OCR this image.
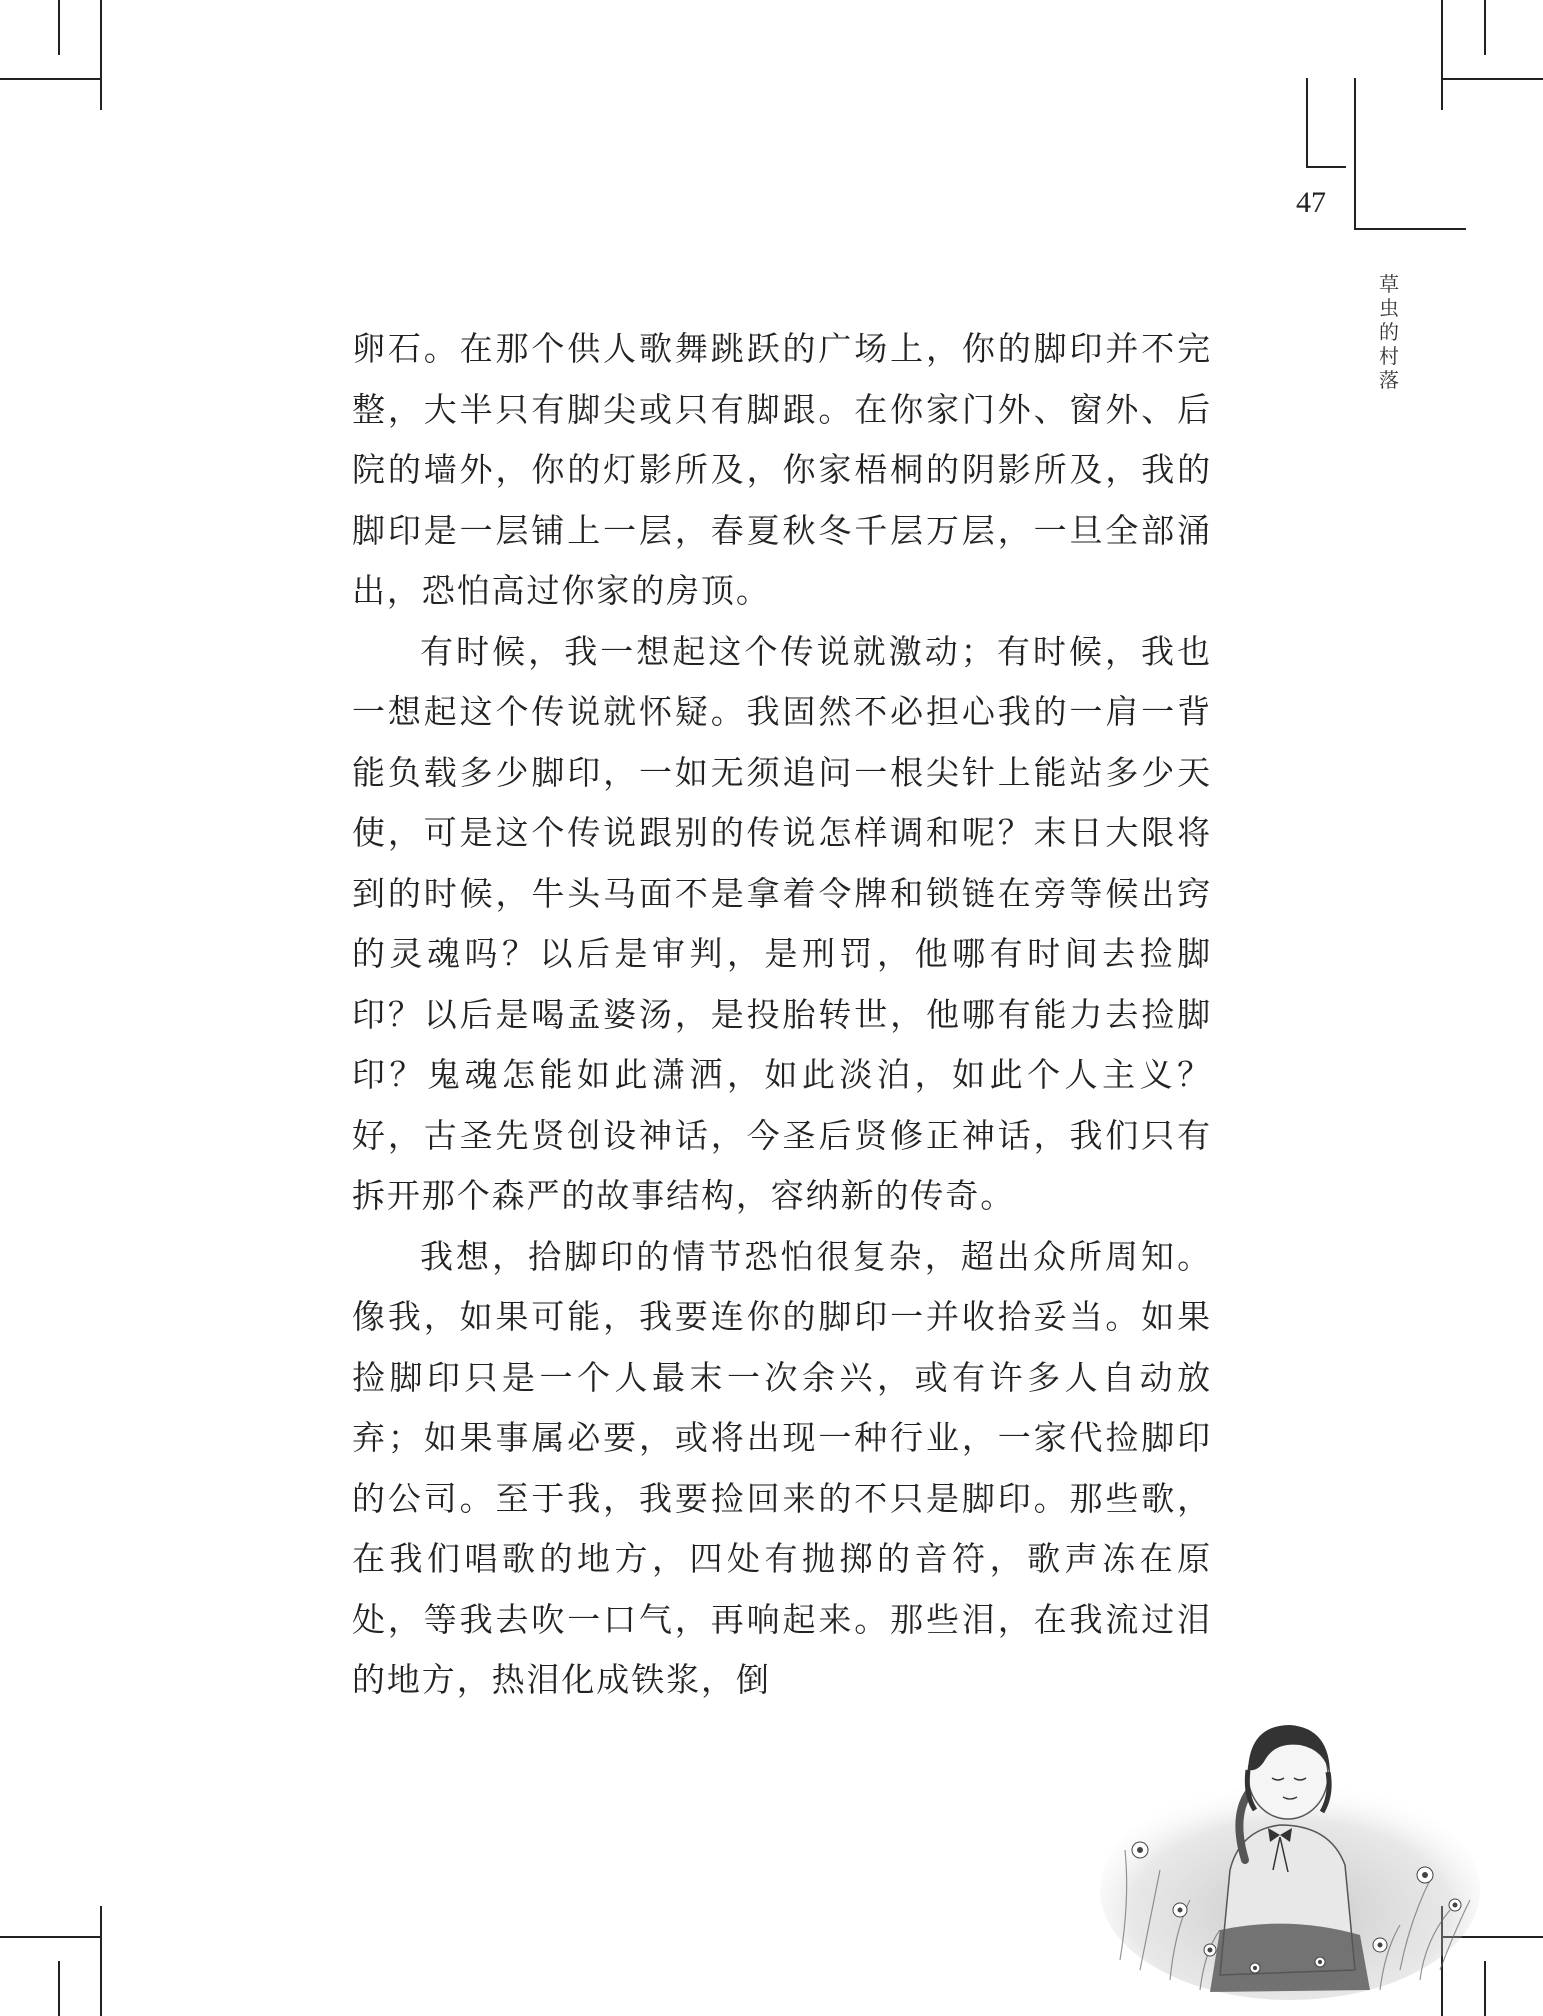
47
草虫的村落

卵石。在那个供人歌舞跳跃的广场上，你的脚印并不完整，大半只有脚尖或只有脚跟。在你家门外、窗外、后院的墙外，你的灯影所及，你家梧桐的阴影所及，我的脚印是一层铺上一层，春夏秋冬千层万层，一旦全部涌出，恐怕高过你家的房顶。

有时候，我一想起这个传说就激动；有时候，我也一想起这个传说就怀疑。我固然不必担心我的一肩一背能负载多少脚印，一如无须追问一根尖针上能站多少天使，可是这个传说跟别的传说怎样调和呢？末日大限将到的时候，牛头马面不是拿着令牌和锁链在旁等候出窍的灵魂吗？以后是审判，是刑罚，他哪有时间去捡脚印？以后是喝孟婆汤，是投胎转世，他哪有能力去捡脚印？鬼魂怎能如此潇洒，如此淡泊，如此个人主义？好，古圣先贤创设神话，今圣后贤修正神话，我们只有拆开那个森严的故事结构，容纳新的传奇。

我想，拾脚印的情节恐怕很复杂，超出众所周知。像我，如果可能，我要连你的脚印一并收拾妥当。如果捡脚印只是一个人最末一次余兴，或有许多人自动放弃；如果事属必要，或将出现一种行业，一家代捡脚印的公司。至于我，我要捡回来的不只是脚印。那些歌，在我们唱歌的地方，四处有抛掷的音符，歌声冻在原处，等我去吹一口气，再响起来。那些泪，在我流过泪的地方，热泪化成铁浆，倒
